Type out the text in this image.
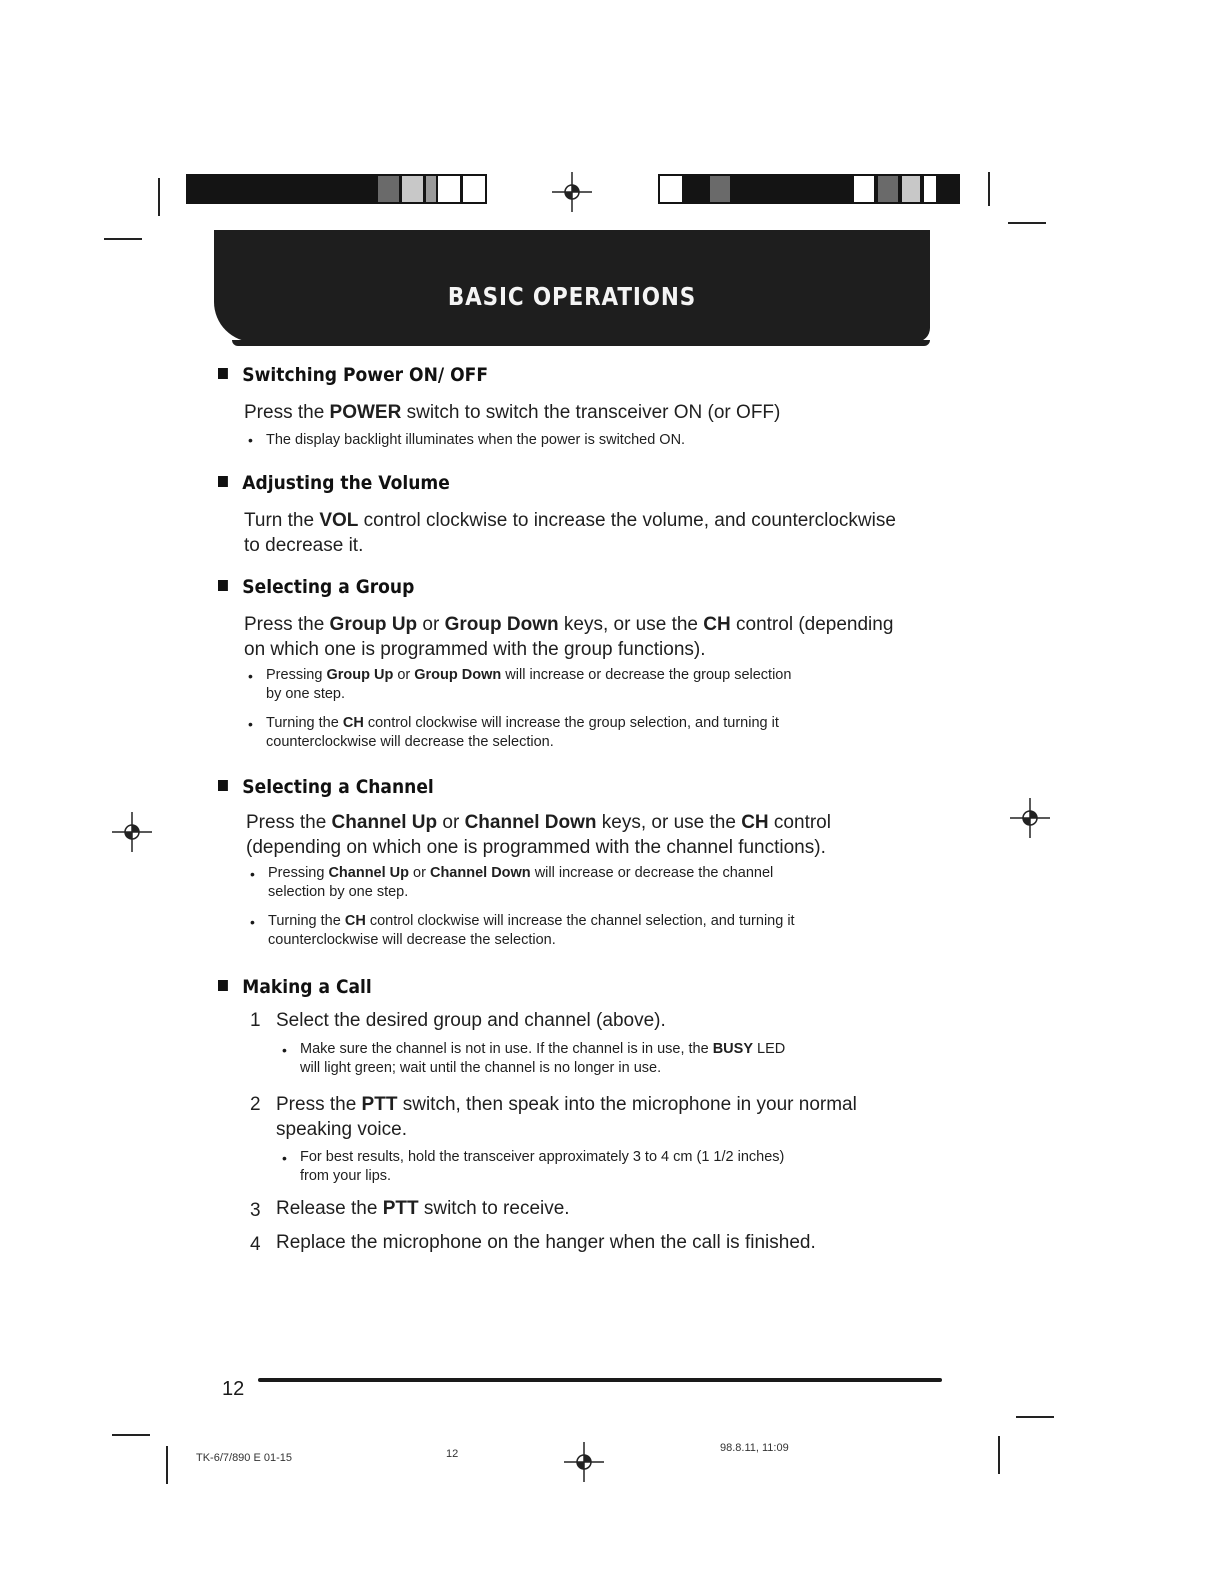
BASIC OPERATIONS
Switching Power ON/ OFF
Press the POWER switch to switch the transceiver ON (or OFF)
• The display backlight illuminates when the power is switched ON.
Adjusting the Volume
Turn the VOL control clockwise to increase the volume, and counterclockwise
to decrease it.
Selecting a Group
Press the Group Up or Group Down keys, or use the CH control (depending
on which one is programmed with the group functions).
• Pressing Group Up or Group Down will increase or decrease the group selection
by one step.
• Turning the CH control clockwise will increase the group selection, and turning it
counterclockwise will decrease the selection.
Selecting a Channel
Press the Channel Up or Channel Down keys, or use the CH control
(depending on which one is programmed with the channel functions).
• Pressing Channel Up or Channel Down will increase or decrease the channel
selection by one step.
• Turning the CH control clockwise will increase the channel selection, and turning it
counterclockwise will decrease the selection.
Making a Call
1 Select the desired group and channel (above).
• Make sure the channel is not in use. If the channel is in use, the BUSY LED
will light green; wait until the channel is no longer in use.
2 Press the PTT switch, then speak into the microphone in your normal
speaking voice.
• For best results, hold the transceiver approximately 3 to 4 cm (1 1/2 inches)
from your lips.
3 Release the PTT switch to receive.
4 Replace the microphone on the hanger when the call is finished.
12
TK-6/7/890 E 01-15	12	98.8.11, 11:09
